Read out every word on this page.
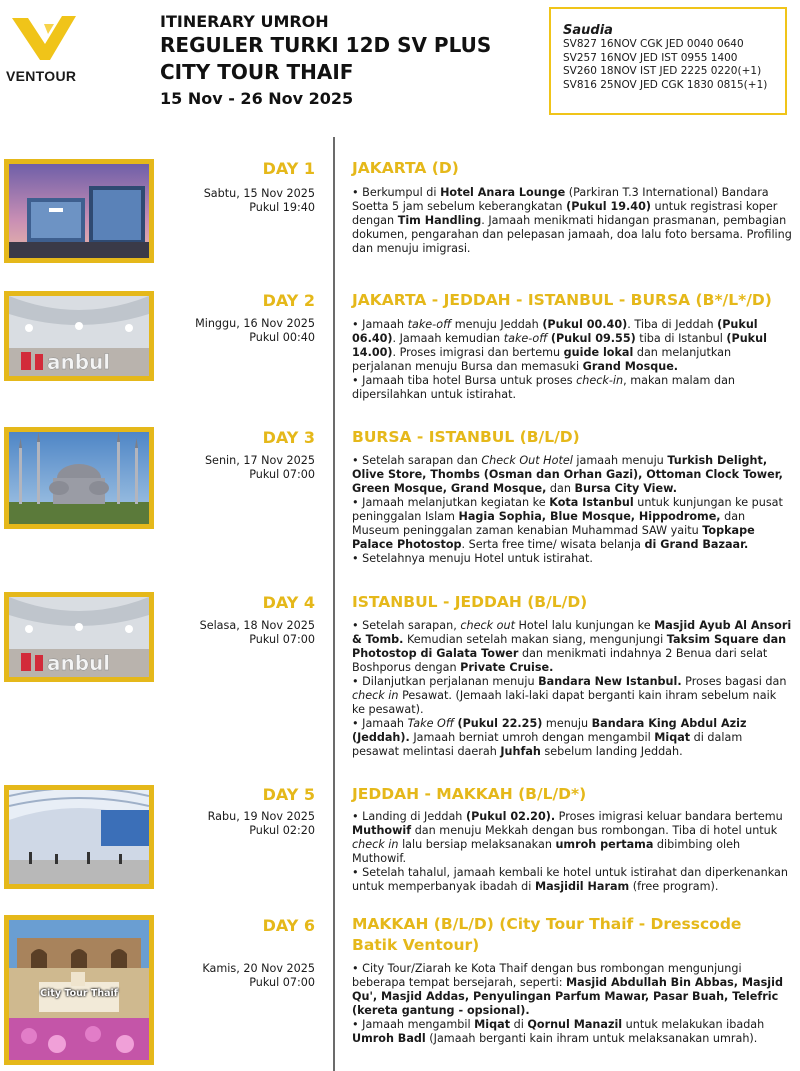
VENTOUR
ITINERARY UMROH
REGULER TURKI 12D SV PLUS
CITY TOUR THAIF
15 Nov - 26 Nov 2025
Saudia
SV827 16NOV CGK JED 0040 0640
SV257 16NOV JED IST 0955 1400
SV260 18NOV IST JED 2225 0220(+1)
SV816 25NOV JED CGK 1830 0815(+1)
DAY 1
Sabtu, 15 Nov 2025
Pukul 19:40
JAKARTA (D)

• Berkumpul di Hotel Anara Lounge (Parkiran T.3 International) Bandara Soetta 5 jam sebelum keberangkatan (Pukul 19.40) untuk registrasi koper dengan Tim Handling. Jamaah menikmati hidangan prasmanan, pembagian dokumen, pengarahan dan pelepasan jamaah, doa lalu foto bersama. Profiling dan menuju imigrasi.

anbul
DAY 2
Minggu, 16 Nov 2025
Pukul 00:40
JAKARTA - JEDDAH - ISTANBUL - BURSA (B*/L*/D)

• Jamaah take-off menuju Jeddah (Pukul 00.40). Tiba di Jeddah (Pukul 06.40). Jamaah kemudian take-off (Pukul 09.55) tiba di Istanbul (Pukul 14.00). Proses imigrasi dan bertemu guide lokal dan melanjutkan perjalanan menuju Bursa dan memasuki Grand Mosque.

• Jamaah tiba hotel Bursa untuk proses check-in, makan malam dan dipersilahkan untuk istirahat.

DAY 3
Senin, 17 Nov 2025
Pukul 07:00
BURSA - ISTANBUL (B/L/D)

• Setelah sarapan dan Check Out Hotel jamaah menuju Turkish Delight, Olive Store, Thombs (Osman dan Orhan Gazi), Ottoman Clock Tower, Green Mosque, Grand Mosque, dan Bursa City View.

• Jamaah melanjutkan kegiatan ke Kota Istanbul untuk kunjungan ke pusat peninggalan Islam Hagia Sophia, Blue Mosque, Hippodrome, dan Museum peninggalan zaman kenabian Muhammad SAW yaitu Topkape Palace Photostop. Serta free time/ wisata belanja di Grand Bazaar.

• Setelahnya menuju Hotel untuk istirahat.

anbul
DAY 4
Selasa, 18 Nov 2025
Pukul 07:00
ISTANBUL - JEDDAH (B/L/D)

• Setelah sarapan, check out Hotel lalu kunjungan ke Masjid Ayub Al Ansori & Tomb. Kemudian setelah makan siang, mengunjungi Taksim Square dan Photostop di Galata Tower dan menikmati indahnya 2 Benua dari selat Boshporus dengan Private Cruise.

• Dilanjutkan perjalanan menuju Bandara New Istanbul. Proses bagasi dan check in Pesawat. (Jemaah laki-laki dapat berganti kain ihram sebelum naik ke pesawat).

• Jamaah Take Off (Pukul 22.25) menuju Bandara King Abdul Aziz (Jeddah). Jamaah berniat umroh dengan mengambil Miqat di dalam pesawat melintasi daerah Juhfah sebelum landing Jeddah.

DAY 5
Rabu, 19 Nov 2025
Pukul 02:20
JEDDAH - MAKKAH (B/L/D*)

• Landing di Jeddah (Pukul 02.20). Proses imigrasi keluar bandara bertemu Muthowif dan menuju Mekkah dengan bus rombongan. Tiba di hotel untuk check in lalu bersiap melaksanakan umroh pertama dibimbing oleh Muthowif.

• Setelah tahalul, jamaah kembali ke hotel untuk istirahat dan diperkenankan untuk memperbanyak ibadah di Masjidil Haram (free program).

City Tour Thaif
DAY 6
Kamis, 20 Nov 2025
Pukul 07:00
MAKKAH (B/L/D) (City Tour Thaif - Dresscode Batik Ventour)

• City Tour/Ziarah ke Kota Thaif dengan bus rombongan mengunjungi beberapa tempat bersejarah, seperti: Masjid Abdullah Bin Abbas, Masjid Qu', Masjid Addas, Penyulingan Parfum Mawar, Pasar Buah, Telefric (kereta gantung - opsional).

• Jamaah mengambil Miqat di Qornul Manazil untuk melakukan ibadah Umroh Badl (Jamaah berganti kain ihram untuk melaksanakan umrah).
